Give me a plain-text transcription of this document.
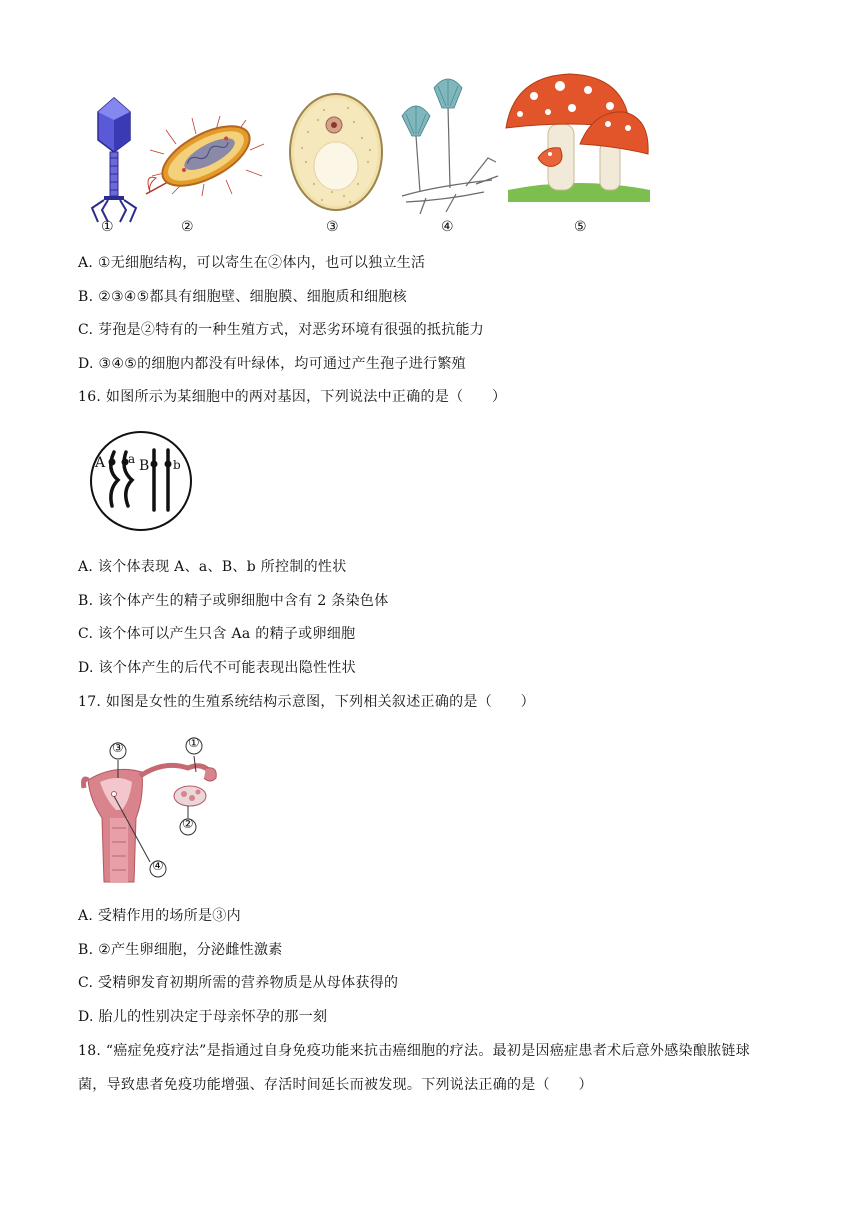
①	②	③	④	⑤
A. ①无细胞结构，可以寄生在②体内，也可以独立生活
B. ②③④⑤都具有细胞壁、细胞膜、细胞质和细胞核
C. 芽孢是②特有的一种生殖方式，对恶劣环境有很强的抵抗能力
D. ③④⑤的细胞内都没有叶绿体，均可通过产生孢子进行繁殖
16. 如图所示为某细胞中的两对基因，下列说法中正确的是（　　）
A a B b
A. 该个体表现 A、a、B、b 所控制的性状
B. 该个体产生的精子或卵细胞中含有 2 条染色体
C. 该个体可以产生只含 Aa 的精子或卵细胞
D. 该个体产生的后代不可能表现出隐性性状
17. 如图是女性的生殖系统结构示意图，下列相关叙述正确的是（　　）
③	①
②
④
A. 受精作用的场所是③内
B. ②产生卵细胞，分泌雌性激素
C. 受精卵发育初期所需的营养物质是从母体获得的
D. 胎儿的性别决定于母亲怀孕的那一刻
18. “癌症免疫疗法”是指通过自身免疫功能来抗击癌细胞的疗法。最初是因癌症患者术后意外感染酿脓链球
菌，导致患者免疫功能增强、存活时间延长而被发现。下列说法正确的是（　　）
